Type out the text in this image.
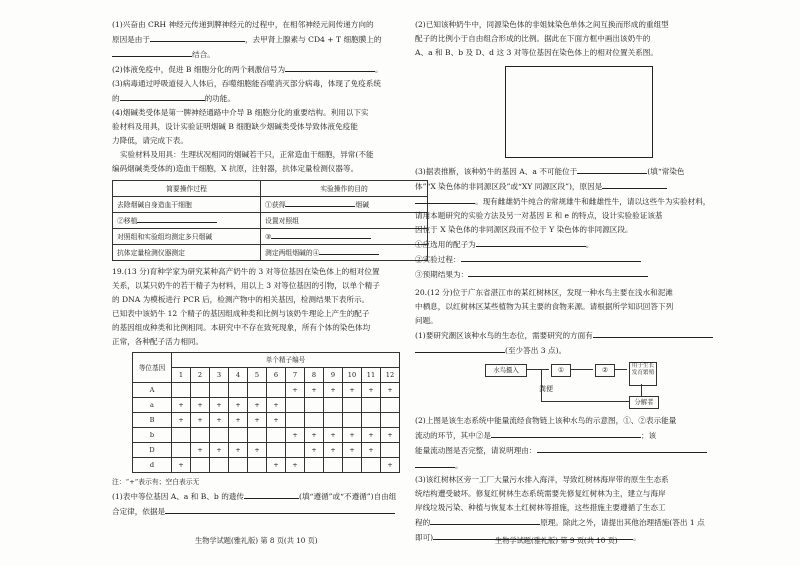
(1)兴奋由 CRH 神经元传递到脾神经元的过程中，在相邻神经元间传递方向的

原因是由于	，去甲肾上腺素与 CD4 + T 细胞膜上的

结合。

(2)体液免疫中，促进 B 细胞分化的两个刺激信号为	。

(3)病毒通过呼吸道侵入人体后，吞噬细胞能吞噬消灭部分病毒，体现了免疫系统

的	的功能。

(4)烟碱类受体是第一脾神经通路中介导 B 细胞分化的重要结构。利用以下实

验材料及用具，设计实验证明烟碱 B 细胞缺少烟碱类受体导致体液免疫能

力降低，请完成下表。

实验材料及用具：生理状况相同的烟碱若干只，正常造血干细胞，异常(不能

编码烟碱类受体的)造血干细胞，X 抗原，注射器，抗体定量检测仪器等。

简要操作过程	实验操作的目的
去除烟碱自身造血干细胞	①获得 烟碱
②移植	设置对照组
对照组和实验组均测定多只烟碱	③
抗体定量检测仪器测定	测定两组烟碱的④

19.(13 分)育种学家为研究某种高产奶牛的 3 对等位基因在染色体上的相对位置

关系，以某只奶牛的若干精子为材料，用以上 3 对等位基因的引物，以单个精子

的 DNA 为模板进行 PCR 后，检测产物中的相关基因，检测结果下表所示。

已知表中该奶牛 12 个精子的基因组成种类和比例与该奶牛理论上产生的配子

的基因组成种类和比例相同。本研究中不存在致死现象，所有个体的染色体均

正常，各种配子活力相同。

等位基因	单个精子编号											
	1	2	3	4	5	6	7	8	9	10	11	12
A							+	+	+	+	+	+
a	+	+	+	+	+	+						
B	+	+	+	+	+	+						
b							+	+	+	+	+	+
D		+	+	+	+			+	+	+	+	
d	+					+	+					+

注：“+”表示有；空白表示无

(1)表中等位基因 A、a 和 B、b 的遗传	(填“遵循”或“不遵循”)自由组

合定律，依据是

生物学试题(雅礼版) 第 8 页(共 10 页)

(2)已知该种奶牛中，同源染色体的非姐妹染色单体之间互换而形成的重组型

配子的比例小于自由组合形成的比例。据此在下面方框中画出该奶牛的

A、a 和 B、b 及 D、d 这 3 对等位基因在染色体上的相对位置关系图。

(3)据表推断，该种奶牛的基因 A、a 不可能位于	(填“常染色

体”“X 染色体的非同源区段”或“XY 同源区段”)，原因是

。现有雌雄奶牛纯合的常规雄牛和雌雄性牛，请以这些牛为实验材料，

请用本题研究的实验方法及另一对基因 E 和 e 的特点，设计实验验证该基

因位于 X 染色体的非同源区段而不位于 Y 染色体的非同源区段。

①应选用的配子为	。

②实验过程：

③预期结果为：

20.(12 分)位于广东省湛江市的某红树林区，发现一种水鸟主要在浅水和泥滩

中栖息，以红树林区某些植物为其主要的食物来源。请根据所学知识回答下列

问题。

(1)要研究潮区该种水鸟的生态位，需要研究的方面有

(至少答出 3 点)。

水鸟摄入	①	②	用于生长发育繁殖
粪便
分解者

(2)上图是该生态系统中能量流经食物链上该种水鸟的示意图，①、②表示能量

流动的环节，其中②是	；该

能量流动图是否完整，请说明理由：

。

(3)该红树林区旁一工厂大量污水排入海洋，导致红树林海岸带的原生生态系

统结构遭受破坏。修复红树林生态系统需要先修复红树林为主，建立与海岸

岸线垃圾污染、种植与恢复本土红树林等措施，这些措施主要遵循了生态工

程的	原理。除此之外，请提出其他治理措施(答出 1 点

即可)	。

生物学试题(雅礼版) 第 9 页(共 10 页)
